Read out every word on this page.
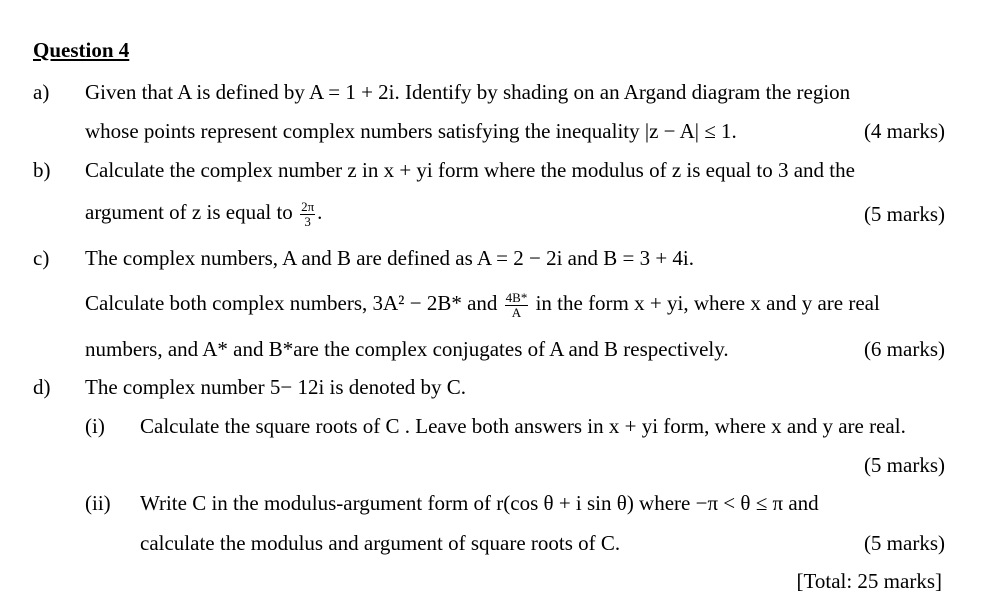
Question 4
a) Given that A is defined by A = 1 + 2i. Identify by shading on an Argand diagram the region
whose points represent complex numbers satisfying the inequality |z − A| ≤ 1.	(4 marks)
b) Calculate the complex number z in x + yi form where the modulus of z is equal to 3 and the
argument of z is equal to $\frac{2\pi}{3}$ .	(5 marks)
c) The complex numbers, A and B are defined as A = 2 − 2i and B = 3 + 4i.
Calculate both complex numbers, 3A² − 2B* and $\frac{4B*}{A}$ in the form x + yi, where x and y are real
numbers, and A* and B*are the complex conjugates of A and B respectively.	(6 marks)
d) The complex number 5− 12i is denoted by C.
(i) Calculate the square roots of C . Leave both answers in x + yi form, where x and y are real.
(5 marks)
(ii) Write C in the modulus-argument form of r(cos θ + i sin θ) where −π < θ ≤ π and
calculate the modulus and argument of square roots of C.	(5 marks)
[Total: 25 marks]
